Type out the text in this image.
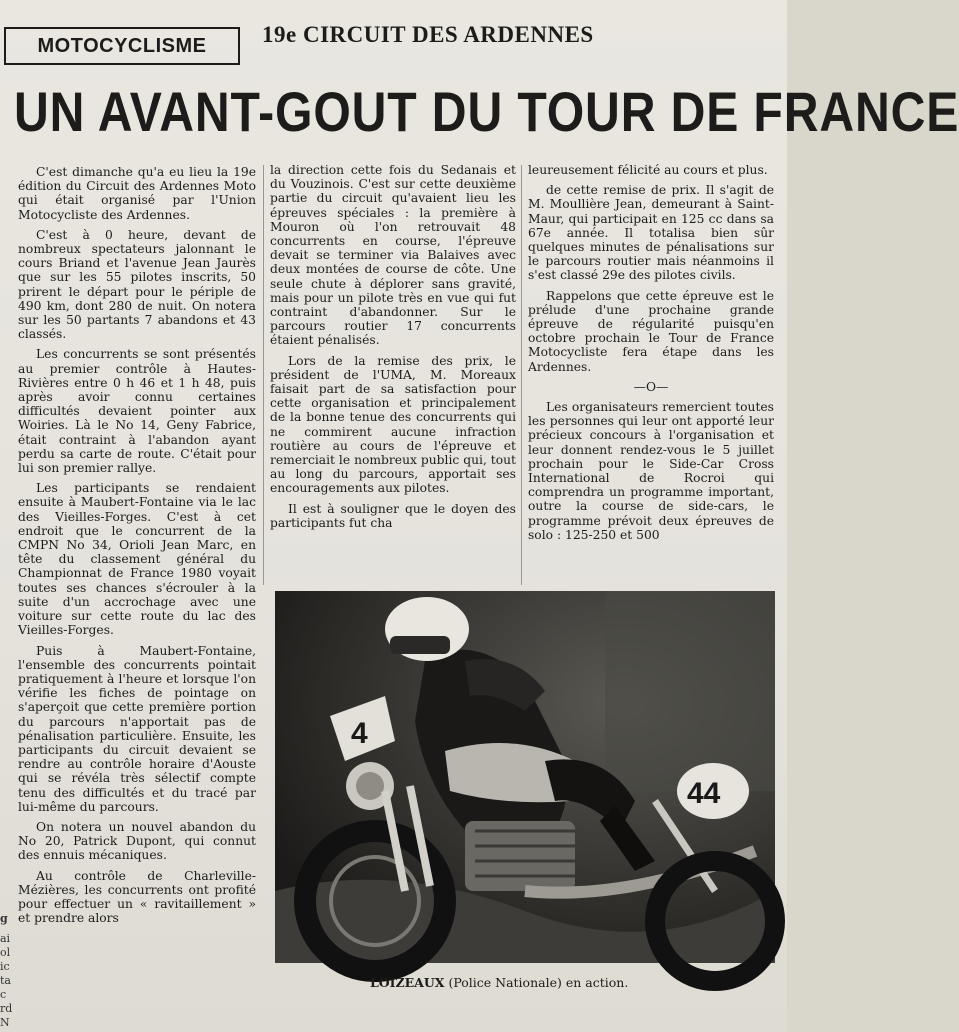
MOTOCYCLISME	19e CIRCUIT DES ARDENNES
UN AVANT-GOUT DU TOUR DE FRANCE

C'est dimanche qu'a eu lieu la 19e édition du Circuit des Ardennes Moto qui était organisé par l'Union Motocycliste des Ardennes.

C'est à 0 heure, devant de nombreux spectateurs jalonnant le cours Briand et l'avenue Jean Jaurès que sur les 55 pilotes inscrits, 50 prirent le départ pour le périple de 490 km, dont 280 de nuit. On notera sur les 50 partants 7 abandons et 43 classés.

Les concurrents se sont présentés au premier contrôle à Hautes-Rivières entre 0 h 46 et 1 h 48, puis après avoir connu certaines difficultés devaient pointer aux Woiries. Là le No 14, Geny Fabrice, était contraint à l'abandon ayant perdu sa carte de route. C'était pour lui son premier rallye.

Les participants se rendaient ensuite à Maubert-Fontaine via le lac des Vieilles-Forges. C'est à cet endroit que le concurrent de la CMPN No 34, Orioli Jean Marc, en tête du classement général du Championnat de France 1980 voyait toutes ses chances s'écrouler à la suite d'un accrochage avec une voiture sur cette route du lac des Vieilles-Forges.

Puis à Maubert-Fontaine, l'ensemble des concurrents pointait pratiquement à l'heure et lorsque l'on vérifie les fiches de pointage on s'aperçoit que cette première portion du parcours n'apportait pas de pénalisation particulière. Ensuite, les participants du circuit devaient se rendre au contrôle horaire d'Aouste qui se révéla très sélectif compte tenu des difficultés et du tracé par lui-même du parcours.

On notera un nouvel abandon du No 20, Patrick Dupont, qui connut des ennuis mécaniques.

Au contrôle de Charleville-Mézières, les concurrents ont profité pour effectuer un « ravitaillement » et prendre alors

la direction cette fois du Sedanais et du Vouzinois. C'est sur cette deuxième partie du circuit qu'avaient lieu les épreuves spéciales : la première à Mouron où l'on retrouvait 48 concurrents en course, l'épreuve devait se terminer via Balaives avec deux montées de course de côte. Une seule chute à déplorer sans gravité, mais pour un pilote très en vue qui fut contraint d'abandonner. Sur le parcours routier 17 concurrents étaient pénalisés.

Lors de la remise des prix, le président de l'UMA, M. Moreaux faisait part de sa satisfaction pour cette organisation et principalement de la bonne tenue des concurrents qui ne commirent aucune infraction routière au cours de l'épreuve et remerciait le nombreux public qui, tout au long du parcours, apportait ses encouragements aux pilotes.

Il est à souligner que le doyen des participants fut cha

leureusement félicité au cours et plus.

de cette remise de prix. Il s'agit de M. Moullière Jean, demeurant à Saint-Maur, qui participait en 125 cc dans sa 67e année. Il totalisa bien sûr quelques minutes de pénalisations sur le parcours routier mais néanmoins il s'est classé 29e des pilotes civils.

Rappelons que cette épreuve est le prélude d'une prochaine grande épreuve de régularité puisqu'en octobre prochain le Tour de France Motocycliste fera étape dans les Ardennes.

—O—

Les organisateurs remercient toutes les personnes qui leur ont apporté leur précieux concours à l'organisation et leur donnent rendez-vous le 5 juillet prochain pour le Side-Car Cross International de Rocroi qui comprendra un programme important, outre la course de side-cars, le programme prévoit deux épreuves de solo : 125-250 et 500

4
44
LOIZEAUX (Police Nationale) en action.
g
ai
ol
ic
ta
c
rd
N
